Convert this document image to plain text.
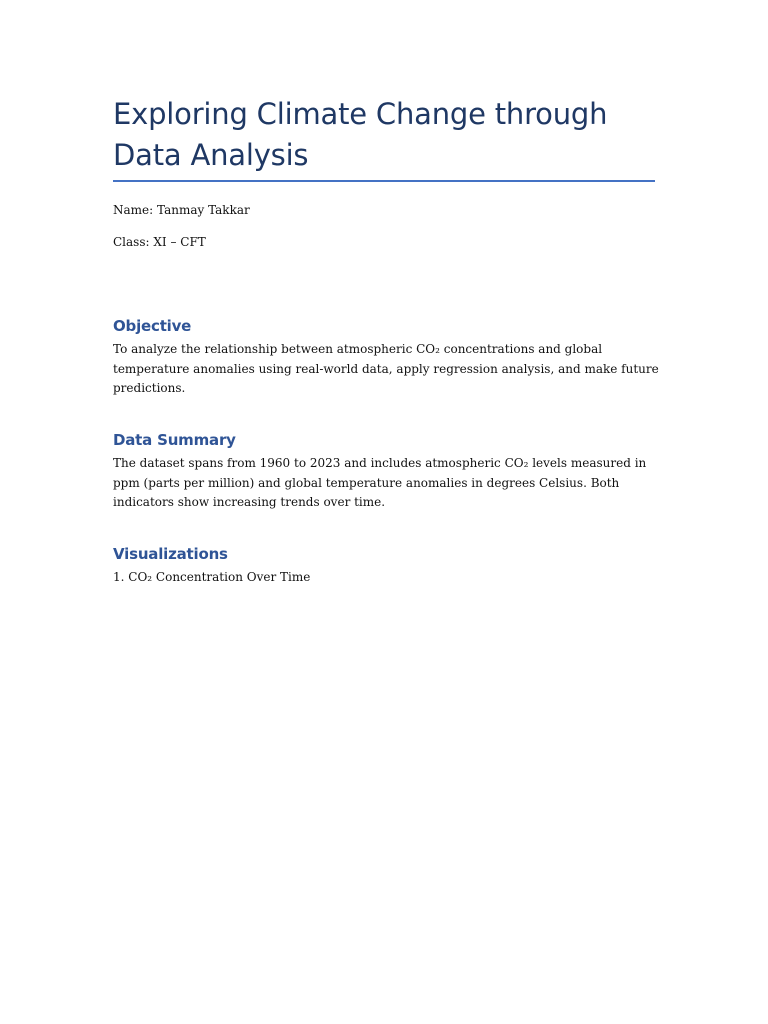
Exploring Climate Change through Data Analysis

Name: Tanmay Takkar

Class: XI – CFT

Objective

To analyze the relationship between atmospheric CO₂ concentrations and global
temperature anomalies using real-world data, apply regression analysis, and make future
predictions.

Data Summary

The dataset spans from 1960 to 2023 and includes atmospheric CO₂ levels measured in
ppm (parts per million) and global temperature anomalies in degrees Celsius. Both
indicators show increasing trends over time.

Visualizations

1. CO₂ Concentration Over Time
